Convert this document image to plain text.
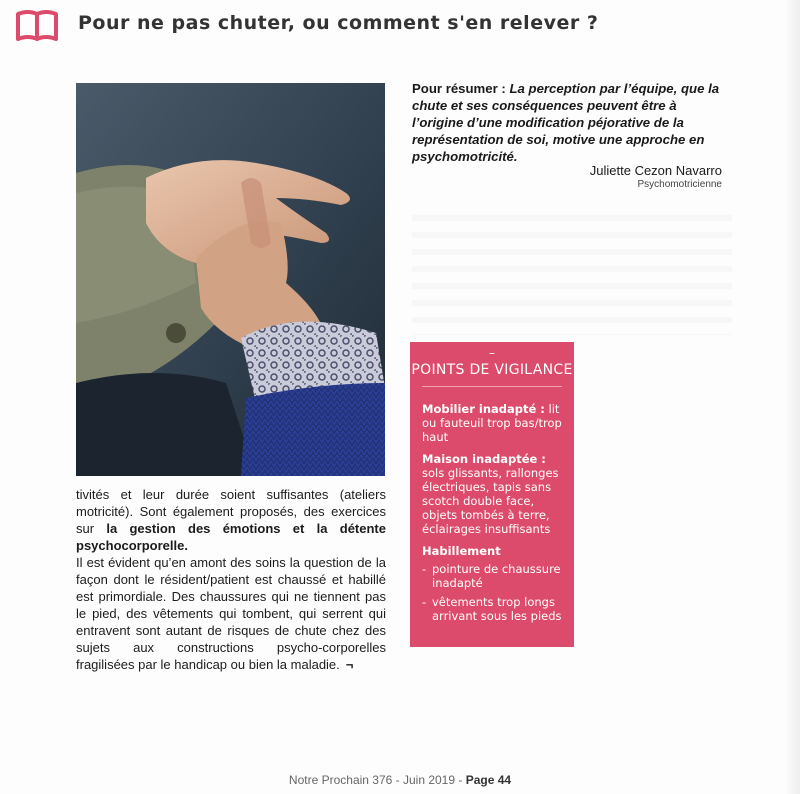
Pour ne pas chuter, ou comment s'en relever ?
Pour résumer : La perception par l’équipe, que la chute et ses conséquences peuvent être à l’origine d’une modification péjorative de la représentation de soi, motive une approche en psychomotricité.
Juliette Cezon Navarro
Psychomotricienne

tivités et leur durée soient suffisantes (ateliers motricité). Sont également proposés, des exercices sur la gestion des émotions et la détente psychocorporelle.

Il est évident qu’en amont des soins la question de la façon dont le résident/patient est chaussé et habillé est primordiale. Des chaussures qui ne tiennent pas le pied, des vêtements qui tombent, qui serrent qui entravent sont autant de risques de chute chez des sujets aux constructions psycho-corporelles fragilisées par le handicap ou bien la maladie. ¬

–
POINTS DE VIGILANCE
Mobilier inadapté : lit ou fauteuil trop bas/trop haut
Maison inadaptée :
sols glissants, rallonges électriques, tapis sans scotch double face, objets tombés à terre, éclairages insuffisants
Habillement
- pointure de chaussure inadapté
- vêtements trop longs arrivant sous les pieds
Notre Prochain 376 - Juin 2019 - Page 44
